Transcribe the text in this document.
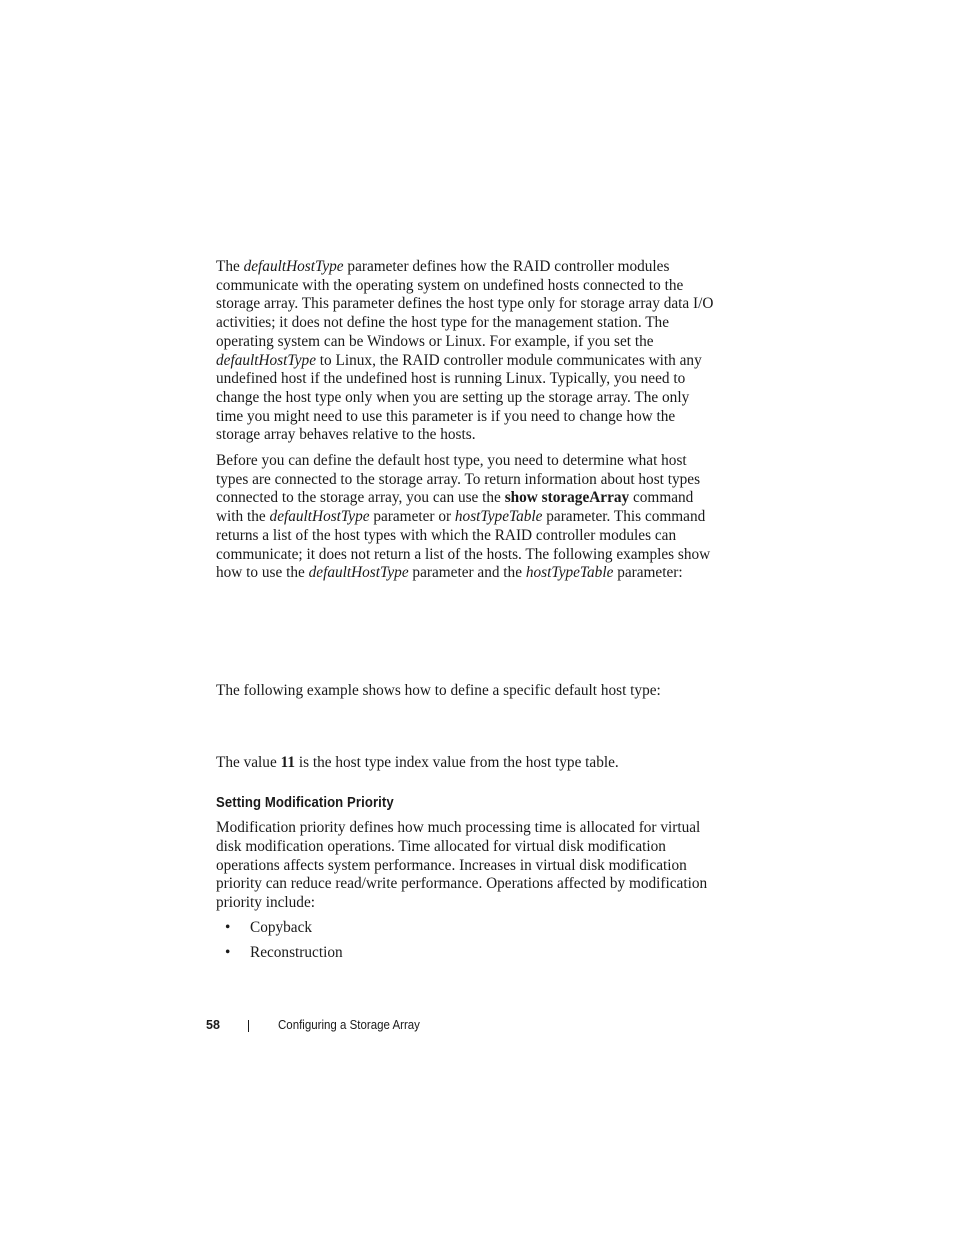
The defaultHostType parameter defines how the RAID controller modules communicate with the operating system on undefined hosts connected to the storage array. This parameter defines the host type only for storage array data I/O activities; it does not define the host type for the management station. The operating system can be Windows or Linux. For example, if you set the defaultHostType to Linux, the RAID controller module communicates with any undefined host if the undefined host is running Linux. Typically, you need to change the host type only when you are setting up the storage array. The only time you might need to use this parameter is if you need to change how the storage array behaves relative to the hosts.

Before you can define the default host type, you need to determine what host types are connected to the storage array. To return information about host types connected to the storage array, you can use the show storageArray command with the defaultHostType parameter or hostTypeTable parameter. This command returns a list of the host types with which the RAID controller modules can communicate; it does not return a list of the hosts. The following examples show how to use the defaultHostType parameter and the hostTypeTable parameter:

The following example shows how to define a specific default host type:

The value 11 is the host type index value from the host type table.

Setting Modification Priority

Modification priority defines how much processing time is allocated for virtual disk modification operations. Time allocated for virtual disk modification operations affects system performance. Increases in virtual disk modification priority can reduce read/write performance. Operations affected by modification priority include:

• Copyback
• Reconstruction
58	Configuring a Storage Array
